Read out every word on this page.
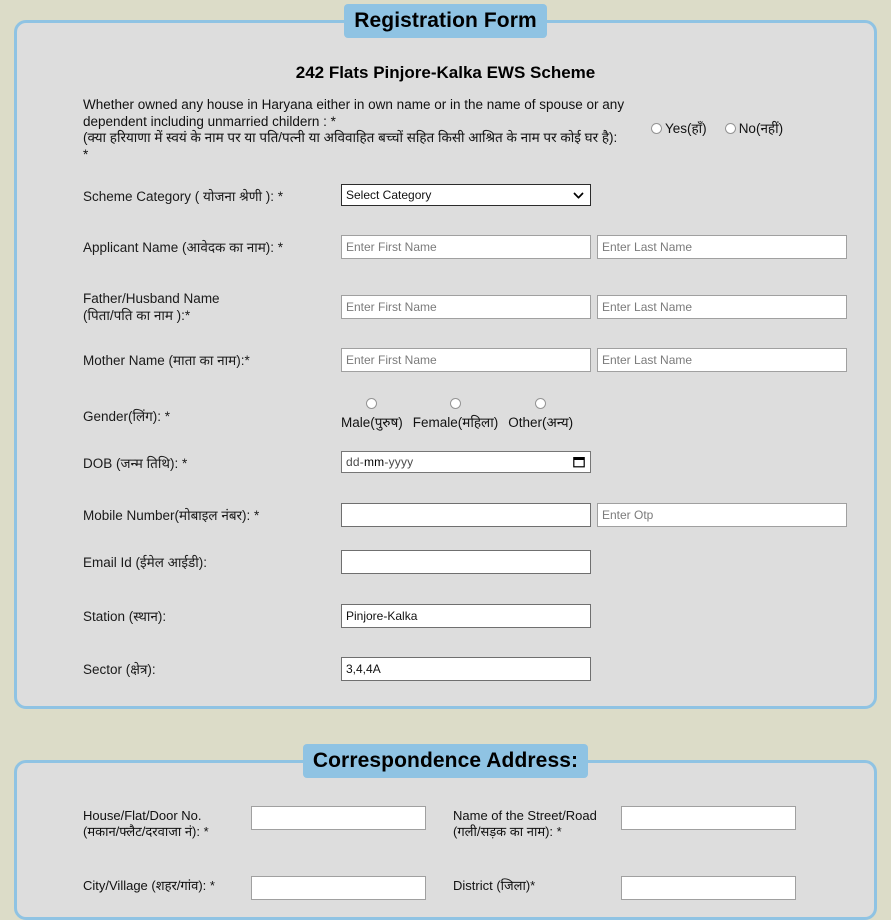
Registration Form
242 Flats Pinjore-Kalka EWS Scheme
Whether owned any house in Haryana either in own name or in the name of spouse or any
dependent including unmarried childern : *
(क्या हरियाणा में स्वयं के नाम पर या पति/पत्नी या अविवाहित बच्चों सहित किसी आश्रित के नाम पर कोई घर है):
*
Yes(हाँ) No(नहीं)
Scheme Category ( योजना श्रेणी ): *	Select Category
Applicant Name (आवेदक का नाम): *
Enter First Name
Enter Last Name
Father/Husband Name
(पिता/पति का नाम ):*
Enter First Name
Enter Last Name
Mother Name (माता का नाम):*
Enter First Name
Enter Last Name
Gender(लिंग): *	Male(पुरुष) Female(महिला) Other(अन्य)
DOB (जन्म तिथि): *	dd-mm-yyyy
Mobile Number(मोबाइल नंबर): *
Enter Otp
Email Id (ईमेल आईडी):
Station (स्थान):
Pinjore-Kalka
Sector (क्षेत्र):
3,4,4A
Correspondence Address:
House/Flat/Door No.
(मकान/फ्लैट/दरवाजा नं): *
Name of the Street/Road
(गली/सड़क का नाम): *
City/Village (शहर/गांव): *	District (जिला)*
